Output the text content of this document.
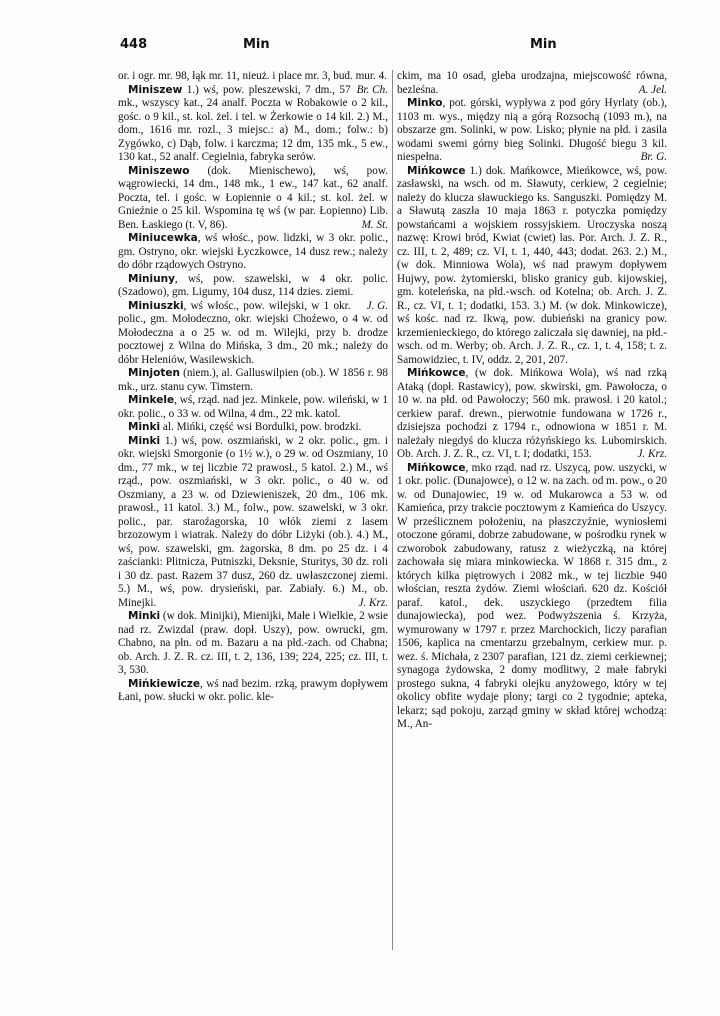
448	Min	Min

or. i ogr. mr. 98, łąk mr. 11, nieuż. i place mr. 3, bud. mur. 4.
Br. Ch.

Miniszew 1.) wś, pow. pleszewski, 7 dm., 57 mk., wszyscy kat., 24 analf. Poczta w Robakowie o 2 kil., gośc. o 9 kil., st. kol. żel. i tel. w Żerkowie o 14 kil. 2.) M., dom., 1616 mr. rozl., 3 miejsc.: a) M., dom.; folw.: b) Zygówko, c) Dąb, folw. i karczma; 12 dm, 135 mk., 5 ew., 130 kat., 52 analf. Cegielnia, fabryka serów.

Miniszewo (dok. Mienischewo), wś, pow. wągrowiecki, 14 dm., 148 mk., 1 ew., 147 kat., 62 analf. Poczta, tel. i gośc. w Łopiennie o 4 kil.; st. kol. żel. w Gnieźnie o 25 kil. Wspomina tę wś (w par. Łopienno) Lib. Ben. Łaskiego (t. V, 86).	M. St.

Miniucewka, wś włośc., pow. lidzki, w 3 okr. polic., gm. Ostryno, okr. wiejski Łyczkowce, 14 dusz rew.; należy do dóbr rządowych Ostryno.

Miniuny, wś, pow. szawelski, w 4 okr. polic. (Szadowo), gm. Ligumy, 104 dusz, 114 dzies. ziemi.
J. G.

Miniuszki, wś włośc., pow. wilejski, w 1 okr. polic., gm. Mołodeczno, okr. wiejski Choźewo, o 4 w. od Mołodeczna a o 25 w. od m. Wilejki, przy b. drodze pocztowej z Wilna do Mińska, 3 dm., 20 mk.; należy do dóbr Heleniów, Wasilewskich.

Minjoten (niem.), al. Galluswilpien (ob.). W 1856 r. 98 mk., urz. stanu cyw. Timstern.

Minkele, wś, rząd. nad jez. Minkele, pow. wileński, w 1 okr. polic., o 33 w. od Wilna, 4 dm., 22 mk. katol.

Minki al. Mińki, część wsi Bordulki, pow. brodzki.

Minki 1.) wś, pow. oszmiański, w 2 okr. polic., gm. i okr. wiejski Smorgonie (o 1½ w.), o 29 w. od Oszmiany, 10 dm., 77 mk., w tej liczbie 72 prawosł., 5 katol. 2.) M., wś rząd., pow. oszmiański, w 3 okr. polic., o 40 w. od Oszmiany, a 23 w. od Dziewieniszek, 20 dm., 106 mk. prawosł., 11 katol. 3.) M., folw., pow. szawelski, w 3 okr. polic., par. staroźagorska, 10 włók ziemi z lasem brzozowym i wiatrak. Należy do dóbr Liżyki (ob.). 4.) M., wś, pow. szawelski, gm. żagorska, 8 dm. po 25 dz. i 4 zaściankі: Plitnicza, Putniszki, Deksnie, Sturitys, 30 dz. roli i 30 dz. past. Razem 37 dusz, 260 dz. uwłaszczonej ziemi. 5.) M., wś, pow. drysieński, par. Zabiały. 6.) M., ob. Minejki.	J. Krz.

Minki (w dok. Minijki), Mienijki, Małe i Wielkie, 2 wsie nad rz. Zwizdal (praw. dopł. Uszy), pow. owrucki, gm. Chabno, na płn. od m. Bazaru a na płd.-zach. od Chabna; ob. Arch. J. Z. R. cz. III, t. 2, 136, 139; 224, 225; cz. III, t. 3, 530.

Mińkiewicze, wś nad bezim. rzką, prawym dopływem Łani, pow. słucki w okr. polic. kle-

ckim, ma 10 osad, gleba urodzajna, miejscowość równa, bezleśna.	A. Jel.

Minko, pot. górski, wypływa z pod góry Hyrlaty (ob.), 1103 m. wys., między nią a górą Rozsochą (1093 m.), na obszarze gm. Solinki, w pow. Lisko; płynie na płd. i zasila wodami swemi górny bieg Solinki. Długość biegu 3 kil. niespełna.	Br. G.

Mińkowce 1.) dok. Mańkowce, Mieńkowce, wś, pow. zasławski, na wsch. od m. Sławuty, cerkiew, 2 cegielnie; należy do klucza sławuckiego ks. Sanguszki. Pomiędzy M. a Sławutą zaszła 10 maja 1863 r. potyczka pomiędzy powstańcami a wojskiem rossyjskiem. Uroczyska noszą nazwę: Krowi bród, Kwiat (cwiet) las. Por. Arch. J. Z. R., cz. III, t. 2, 489; cz. VI, t. 1, 440, 443; dodat. 263. 2.) M., (w dok. Minniowa Wola), wś nad prawym dopływem Hujwy, pow. żytomierski, blisko granicy gub. kijowskiej, gm. koteleńska, na płd.-wsch. od Kotelna; ob. Arch. J. Z. R., cz. VI, t. 1; dodatki, 153. 3.) M. (w dok. Minkowicze), wś kośc. nad rz. Ikwą, pow. dubieński na granicy pow. krzemienieckiego, do którego zaliczała się dawniej, na płd.-wsch. od m. Werby; ob. Arch. J. Z. R., cz. 1, t. 4, 158; t. z. Samowidziec, t. IV, oddz. 2, 201, 207.

Mińkowce, (w dok. Mińkowa Wola), wś nad rzką Ataką (dopł. Rastawicy), pow. skwirski, gm. Pawołocza, o 10 w. na płd. od Pawołoczy; 560 mk. prawosł. i 20 katol.; cerkiew paraf. drewn., pierwotnie fundowana w 1726 r., dzisiejsza pochodzi z 1794 r., odnowiona w 1851 r. M. należały niegdyś do klucza różyńskiego ks. Lubomirskich. Ob. Arch. J. Z. R., cz. VI, t. I; dodatki, 153.	J. Krz.

Mińkowce, mko rząd. nad rz. Uszycą, pow. uszycki, w 1 okr. polic. (Dunajowce), o 12 w. na zach. od m. pow., o 20 w. od Dunajowiec, 19 w. od Mukarowca a 53 w. od Kamieńca, przy trakcie pocztowym z Kamieńca do Uszycy. W prześlicznem położeniu, na płaszczyźnie, wyniosłemi otoczone górami, dobrze zabudowane, w pośrodku rynek w czworobok zabudowany, ratusz z wieżyczką, na której zachowała się miara minkowiecka. W 1868 r. 315 dm., z których kilka piętrowych i 2082 mk., w tej liczbie 940 włościan, reszta żydów. Ziemi włościań. 620 dz. Kościół paraf. katol., dek. uszyckiego (przedtem filia dunajowiecka), pod wez. Podwyższenia ś. Krzyża, wymurowany w 1797 r. przez Marchockich, liczy parafian 1506, kaplica na cmentarzu grzebalnym, cerkiew mur. p. wez. ś. Michała, z 2307 parafian, 121 dz. ziemi cerkiewnej; synagoga żydowska, 2 domy modlitwy, 2 małe fabryki prostego sukna, 4 fabryki olejku anyżowego, który w tej okolicy obfite wydaje plony; targi co 2 tygodnie; apteka, lekarz; sąd pokoju, zarząd gminy w skład której wchodzą: M., An-
